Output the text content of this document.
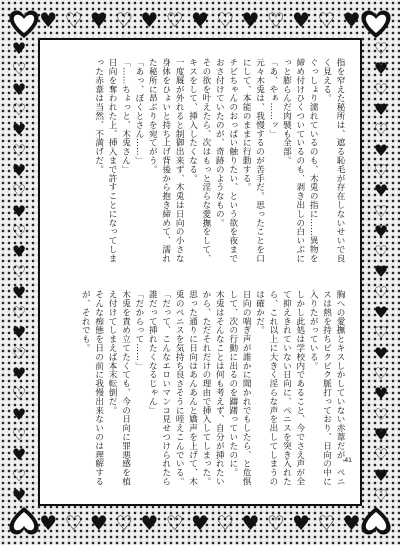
♥ ♡ ♥ ♡ ♥ ♡ ♥ ♡ ♥ ♡ ♥ ♡ ♥
♥ ♡ ♥ ♡ ♥ ♡ ♥ ♡ ♥ ♡ ♥ ♡ ♥
♥
♡
♥
♡
♥
♡
♥
♡
♥
♡
♥
♡
♥
♡
♥
♡
♥
♡
♥
♡
♥
♡
♥
♡
♥
♡
♥
♡
♥
♡
♥
♡
♥
♡
♥
♡
♥
♡
♥
♡
♥
♡
♥
♡
♥
♡
指を窄えた秘所は、遮る恥毛が存在しないせいで良く見える。
ぐっしょり濡れているのも、木兎の指に……異物を締め付けひくついているのも、剥き出しの白いぶにっと膨らんだ肉襞も全部。
「あ、やぁ……ッ」
元々木兎は、我慢するのが苦手だ。思ったことを口にして、本能のままに行動する。
チビちゃんのおっぱい触りたい、という欲を夜までおさ付けていたのが、奇跡のようなもの。
その欲を叶えたら、次はもっと淫らな愛撫をして、キスをして、挿入したくなる。
一度厩が外れると制御出来ず、木兎は日向の小さな身体をひょいと持ち上げ背後から抱き締めて、濡れた秘所に昂ぶりを宛てがう。
「あっ、ぼくとさん……」
「……ちょっと、木兎さん」
日向を奪われた上、挿入まで許すことになってしまった赤葦は当然、不満げだ。
胸への愛撫とキスしかしていない赤葦だが、ペニスは熱を持ちビクビク脈打っており、日向の中に入りたがっている。
しかし此処は学校内であること、今でさえ声が全て抑えきれていない日向に、ペニスを突き入れたら、これ以上に大きく淫らな声を出してしまうのは確かだ。
日向の喘ぎ声が誰かに聞かれでもしたら、と危惧して、次の行動に出るのを躊躇っていたのに。
木兎はそんなことは何も考えず、自分が挿れたいから、ただそれだけの理由で挿入してしまった。
思った通りに日向はあんあんと嬌声を上げて、木兎のペニスを気持ち良さそうに咥えこんでいる。
「だって、こんなエロいマンコ見せつけられたら誰だって挿れたくなるじゃん」
「だからって……」
木兎を責め立てたくても、今の日向に罪悪感を植え付けてしまえば本末転倒だ。
そんな痴態を日の前に我慢出来ないのは理解するが、それでも。
41
